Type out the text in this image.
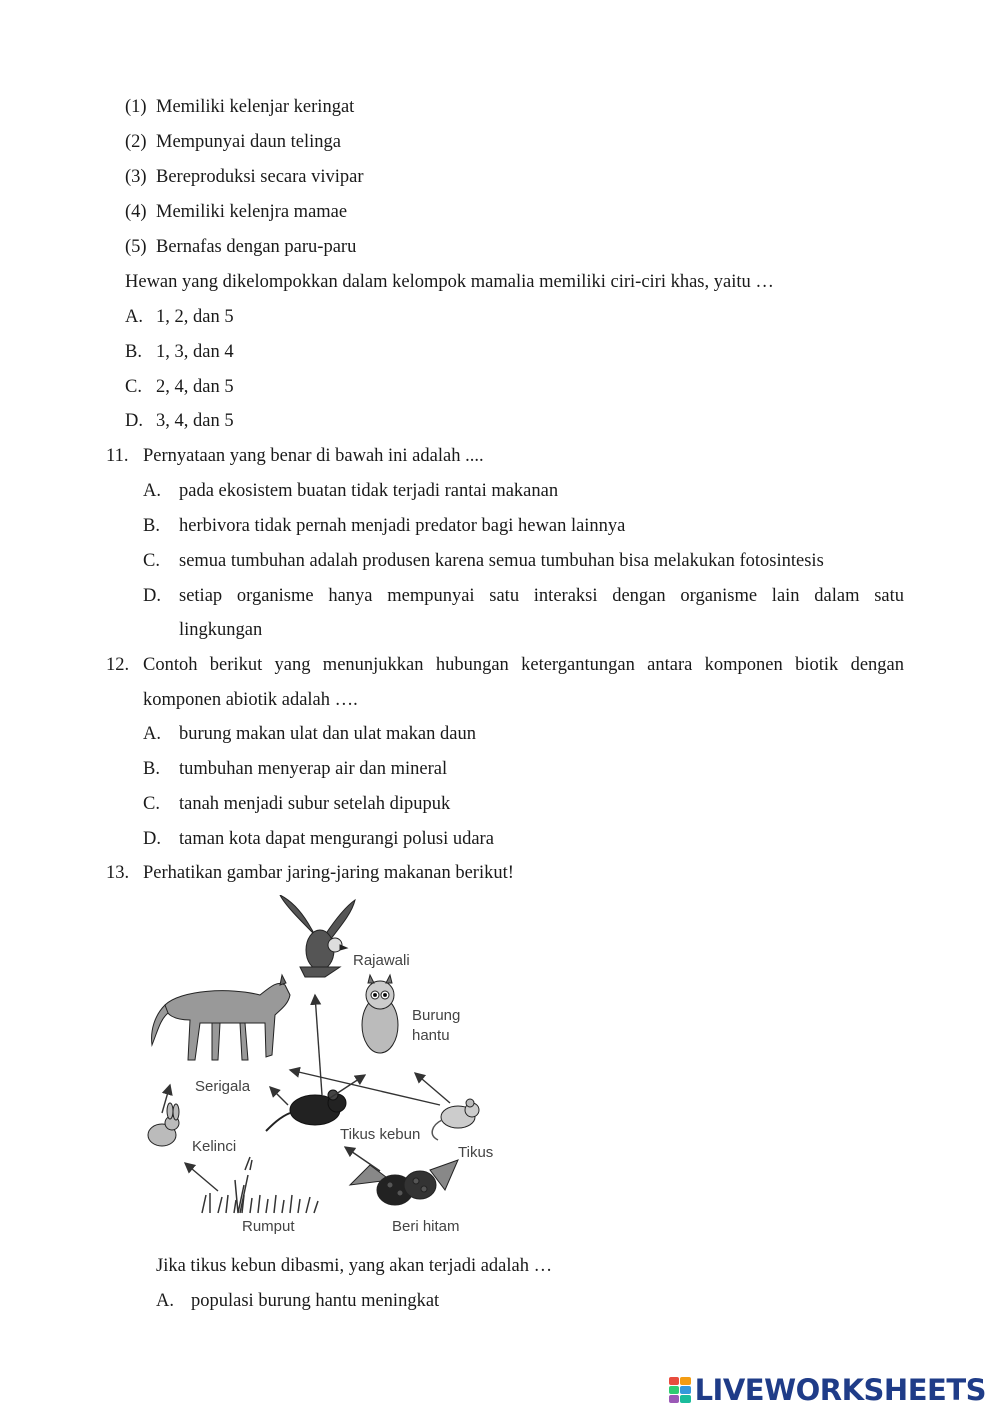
(1) Memiliki kelenjar keringat
(2) Mempunyai daun telinga
(3) Bereproduksi secara vivipar
(4) Memiliki kelenjra mamae
(5) Bernafas dengan paru-paru
Hewan yang dikelompokkan dalam kelompok mamalia memiliki ciri-ciri khas, yaitu …
A. 1, 2, dan 5
B. 1, 3, dan 4
C. 2, 4, dan 5
D. 3, 4, dan 5
11. Pernyataan yang benar di bawah ini adalah ....
A. pada ekosistem buatan tidak terjadi rantai makanan
B. herbivora tidak pernah menjadi predator bagi hewan lainnya
C. semua tumbuhan adalah produsen karena semua tumbuhan bisa melakukan fotosintesis
D. setiap organisme hanya mempunyai satu interaksi dengan organisme lain dalam satu
lingkungan
12. Contoh berikut yang menunjukkan hubungan ketergantungan antara komponen biotik dengan
komponen abiotik adalah ….
A. burung makan ulat dan ulat makan daun
B. tumbuhan menyerap air dan mineral
C. tanah menjadi subur setelah dipupuk
D. taman kota dapat mengurangi polusi udara
13. Perhatikan gambar jaring-jaring makanan berikut!
Rajawali
Burung
hantu
Serigala
Tikus kebun
Tikus
Kelinci
Rumput	Beri hitam
Jika tikus kebun dibasmi, yang akan terjadi adalah …
A. populasi burung hantu meningkat
LIVEWORKSHEETS
